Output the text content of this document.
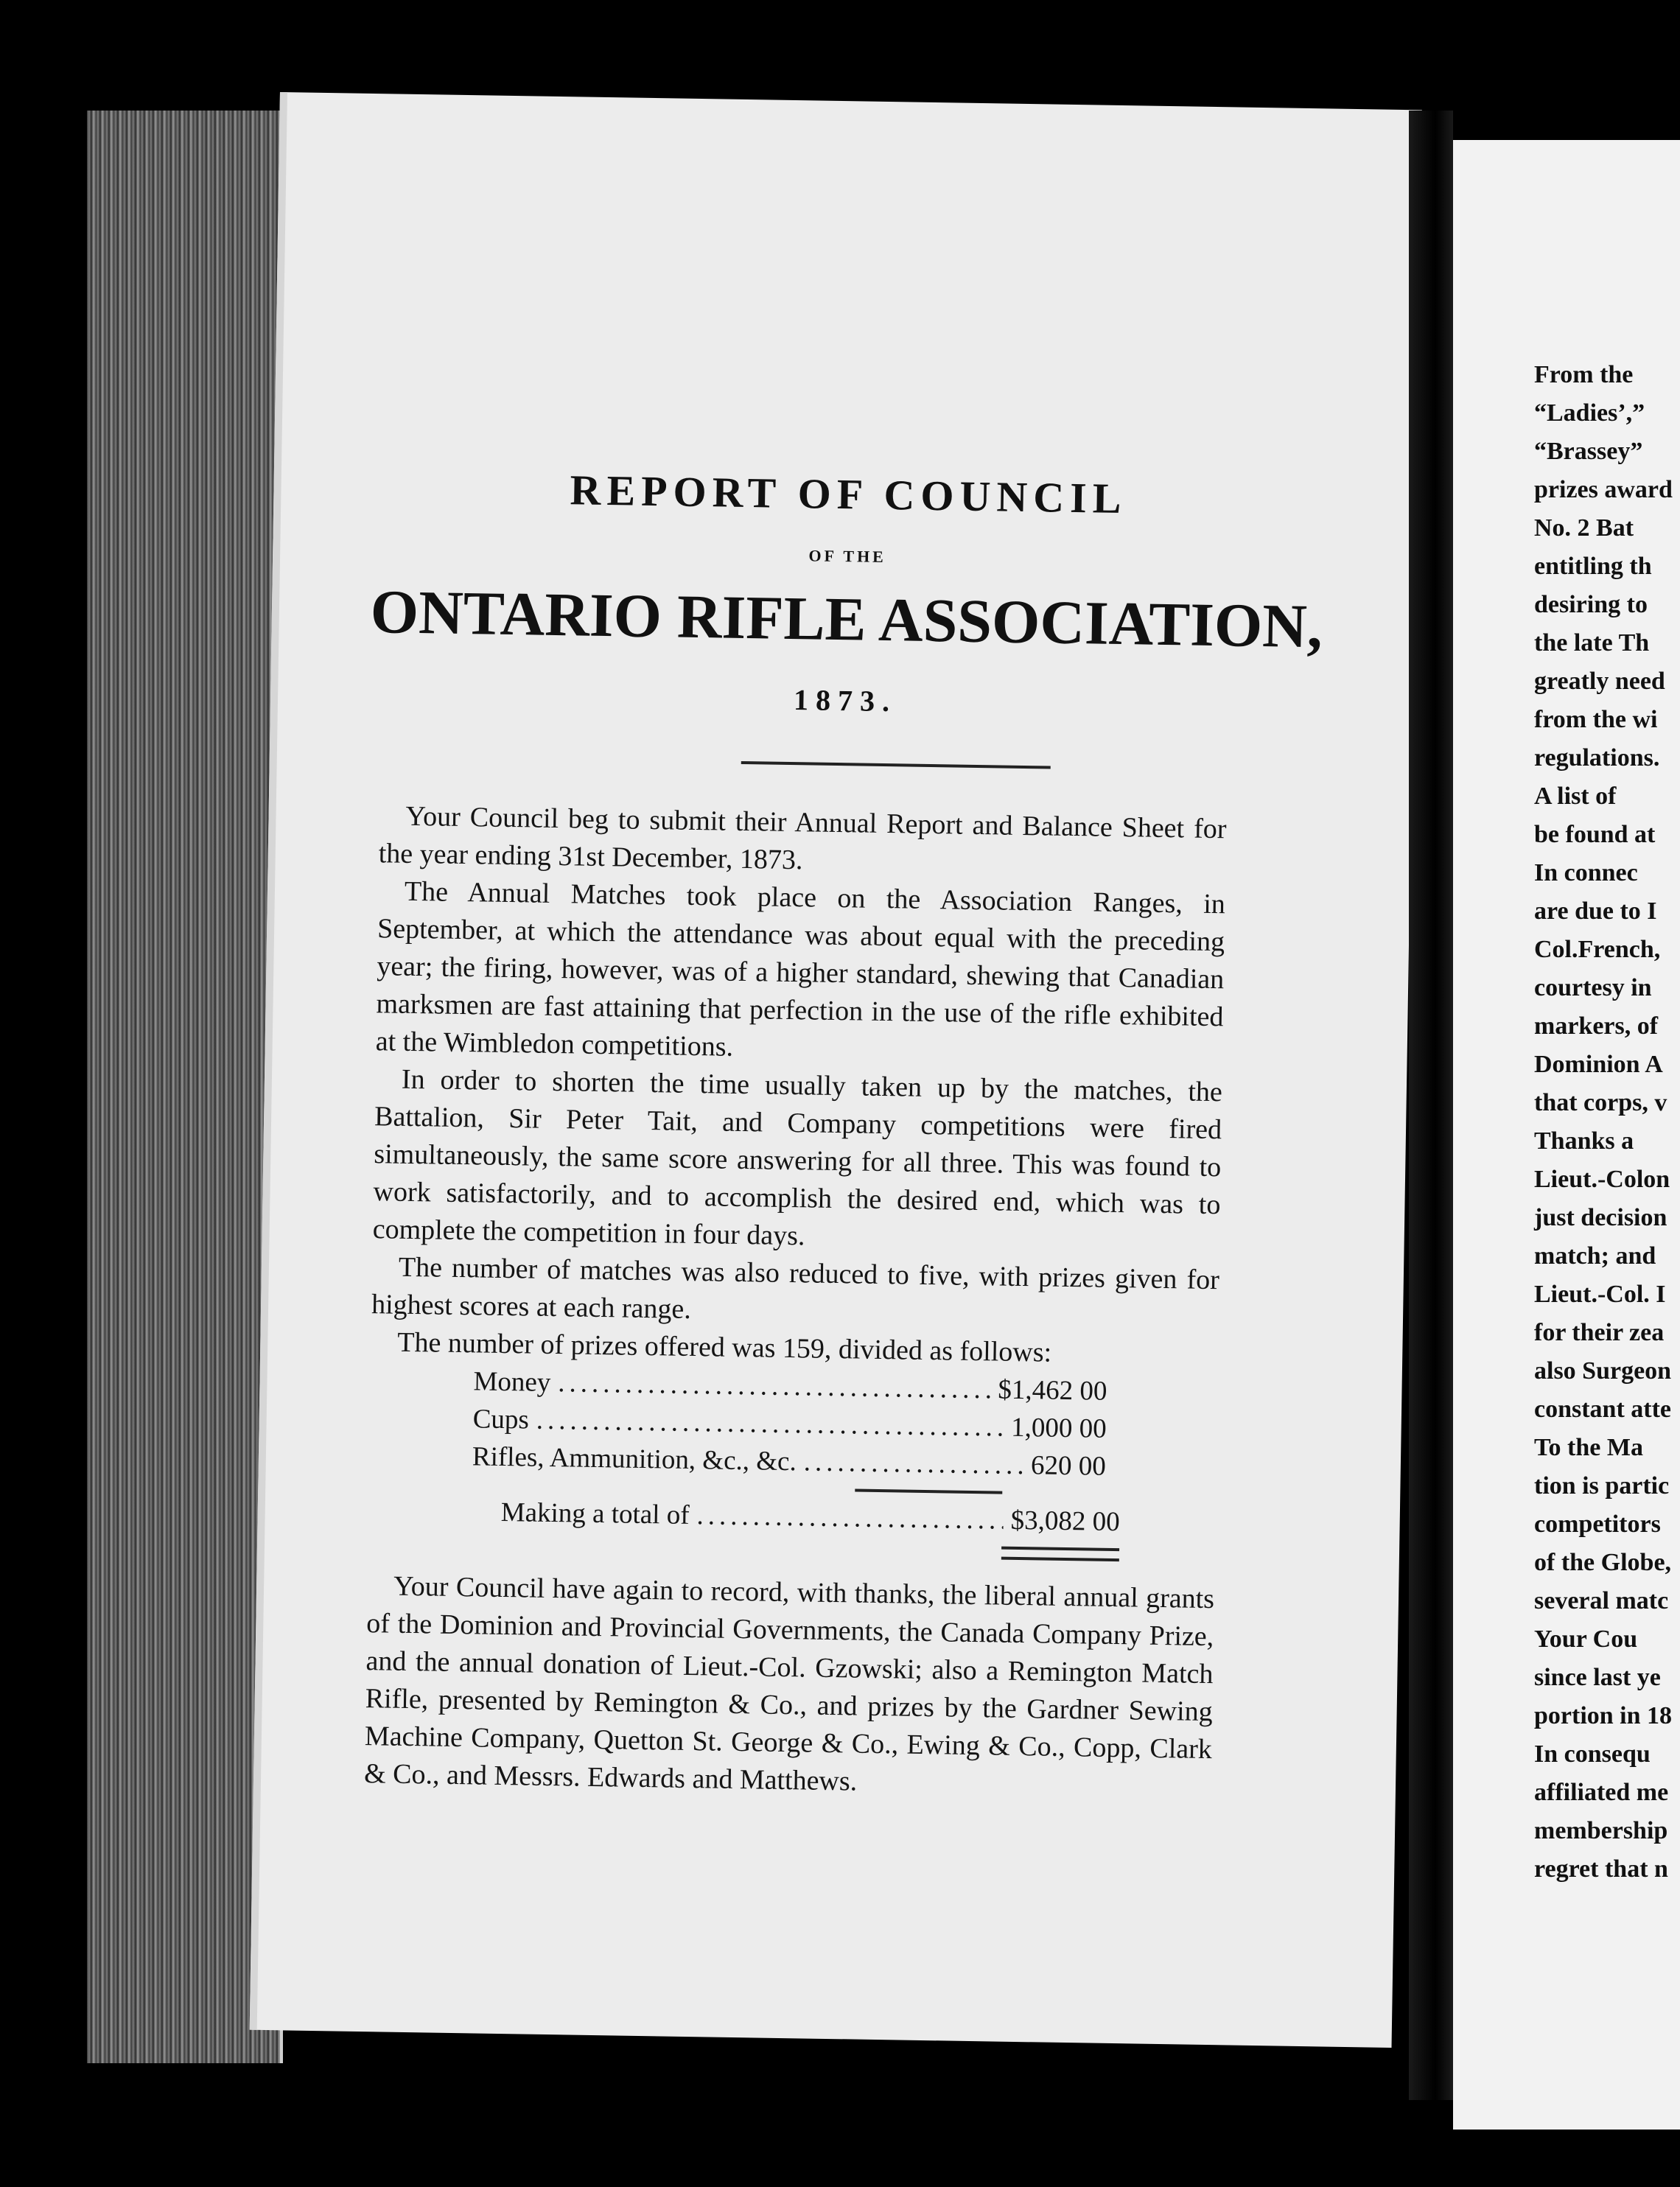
REPORT OF COUNCIL
OF THE
ONTARIO RIFLE ASSOCIATION,
1873.

Your Council beg to submit their Annual Report and Balance Sheet for the year ending 31st December, 1873.

The Annual Matches took place on the Association Ranges, in September, at which the attendance was about equal with the preceding year; the firing, however, was of a higher standard, shewing that Canadian marksmen are fast attaining that perfection in the use of the rifle exhibited at the Wimbledon competitions.

In order to shorten the time usually taken up by the matches, the Battalion, Sir Peter Tait, and Company competitions were fired simultaneously, the same score answering for all three. This was found to work satisfactorily, and to accomplish the desired end, which was to complete the competition in four days.

The number of matches was also reduced to five, with prizes given for highest scores at each range.

The number of prizes offered was 159, divided as follows:

Money .....	$1,462 00
Cups .....	1,000 00
Rifles, Ammunition, &c., &c. .....	620 00
Making a total of .....	$3,082 00

Your Council have again to record, with thanks, the liberal annual grants of the Dominion and Provincial Governments, the Canada Company Prize, and the annual donation of Lieut.-Col. Gzowski; also a Remington Match Rifle, presented by Remington & Co., and prizes by the Gardner Sewing Machine Company, Quetton St. George & Co., Ewing & Co., Copp, Clark & Co., and Messrs. Edwards and Matthews.

From the
“Ladies’,”
“Brassey”
prizes award
No. 2 Bat
entitling th
desiring to
the late Th
greatly need
from the wi
regulations.
A list of
be found at
In connec
are due to I
Col.French,
courtesy in
markers, of
Dominion A
that corps, v
Thanks a
Lieut.-Colon
just decision
match; and
Lieut.-Col. I
for their zea
also Surgeon
constant atte
To the Ma
tion is partic
competitors
of the Globe,
several matc
Your Cou
since last ye
portion in 18
In consequ
affiliated me
membership
regret that n
